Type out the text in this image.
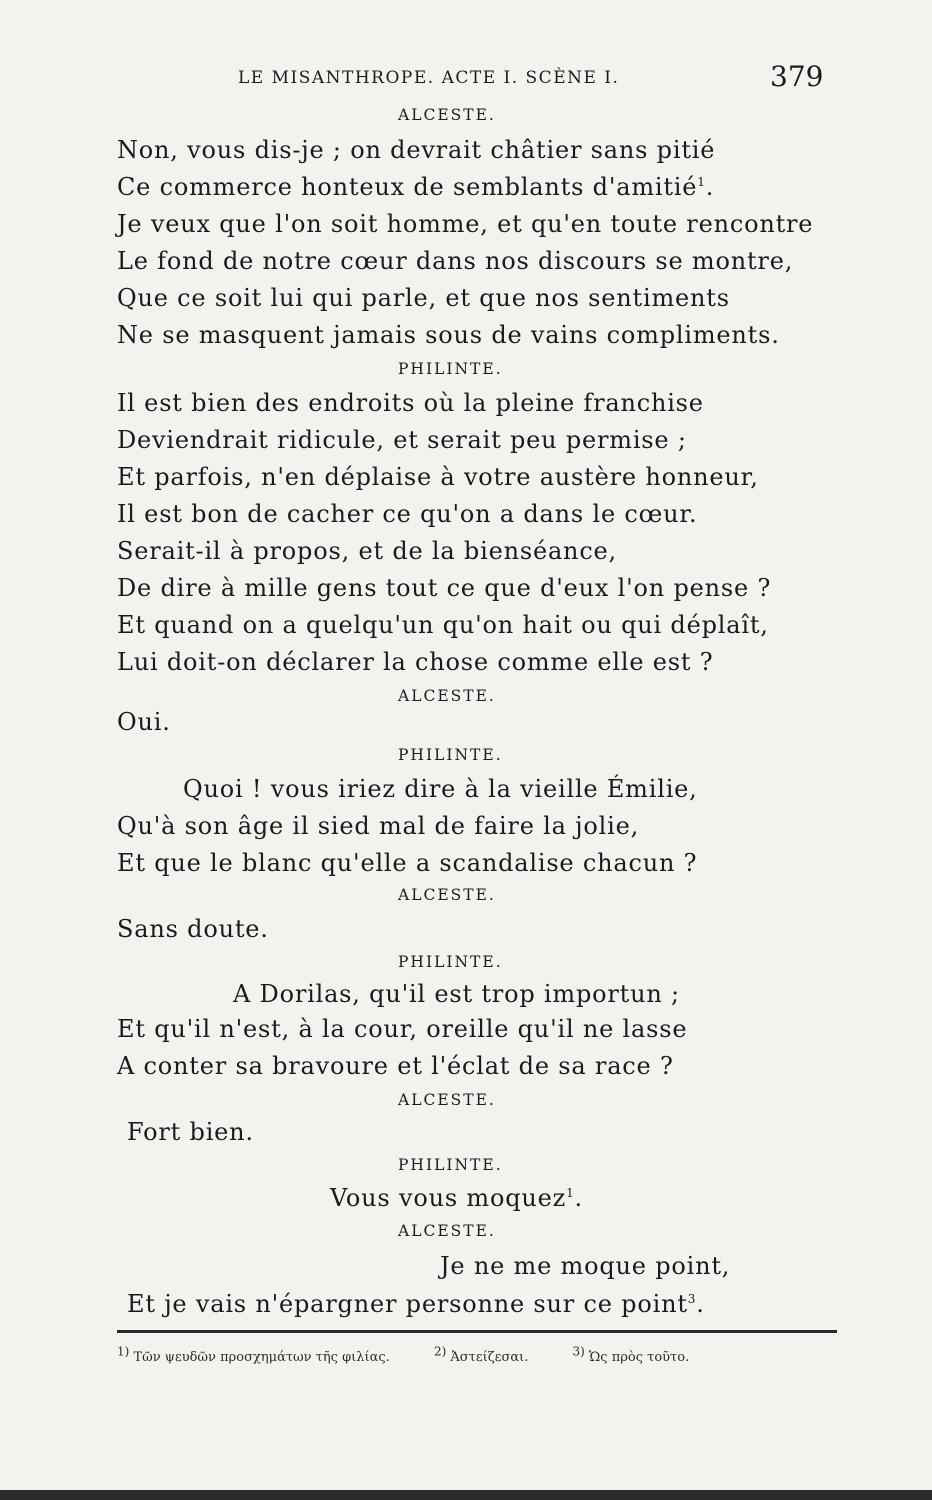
LE MISANTHROPE. ACTE I. SCÈNE I.	379
ALCESTE.
Non, vous dis-je ; on devrait châtier sans pitié
Ce commerce honteux de semblants d'amitié$^1$.
Je veux que l'on soit homme, et qu'en toute rencontre
Le fond de notre cœur dans nos discours se montre,
Que ce soit lui qui parle, et que nos sentiments
Ne se masquent jamais sous de vains compliments.
PHILINTE.
Il est bien des endroits où la pleine franchise
Deviendrait ridicule, et serait peu permise ;
Et parfois, n'en déplaise à votre austère honneur,
Il est bon de cacher ce qu'on a dans le cœur.
Serait-il à propos, et de la bienséance,
De dire à mille gens tout ce que d'eux l'on pense ?
Et quand on a quelqu'un qu'on hait ou qui déplaît,
Lui doit-on déclarer la chose comme elle est ?
ALCESTE.
Oui.
PHILINTE.
Quoi ! vous iriez dire à la vieille Émilie,
Qu'à son âge il sied mal de faire la jolie,
Et que le blanc qu'elle a scandalise chacun ?
ALCESTE.
Sans doute.
PHILINTE.
A Dorilas, qu'il est trop importun ;
Et qu'il n'est, à la cour, oreille qu'il ne lasse
A conter sa bravoure et l'éclat de sa race ?
ALCESTE.
Fort bien.
PHILINTE.
Vous vous moquez$^1$.
ALCESTE.
Je ne me moque point,
Et je vais n'épargner personne sur ce point$^3$.
$^{1)}$ Τῶν ψευδῶν προσχημάτων τῆς φιλίας.	$^{2)}$ Ἀστείζεσαι.	$^{3)}$ Ὡς πρὸς τοῦτο.
